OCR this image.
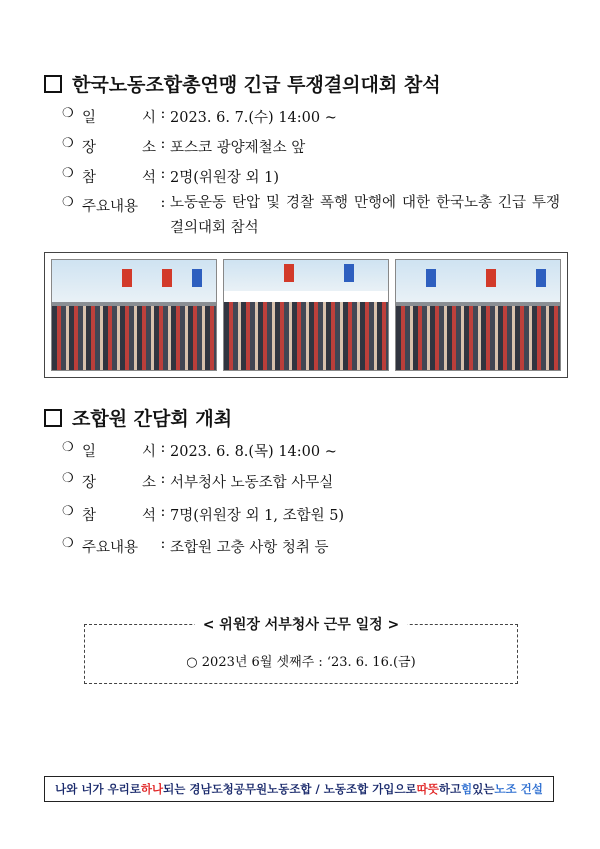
한국노동조합총연맹 긴급 투쟁결의대회 참석
❍ 일	시 : 2023. 6. 7.(수) 14:00 ~
❍ 장	소 : 포스코 광양제철소 앞
❍ 참	석 : 2명(위원장 외 1)
❍ 주요내용	: 노동운동 탄압 및 경찰 폭행 만행에 대한 한국노총 긴급 투쟁결의대회 참석
조합원 간담회 개최
❍ 일	시 : 2023. 6. 8.(목) 14:00 ~
❍ 장	소 : 서부청사 노동조합 사무실
❍ 참	석 : 7명(위원장 외 1, 조합원 5)
❍ 주요내용	: 조합원 고충 사항 청취 등
< 위원장 서부청사 근무 일정 >
○ 2023년 6월 셋째주 : ‘23. 6. 16.(금)
나와 너가 우리로 하나 되는 경남도청공무원노동조합 / 노동조합 가입으로 따뜻 하고 힘 있는 노조 건설
